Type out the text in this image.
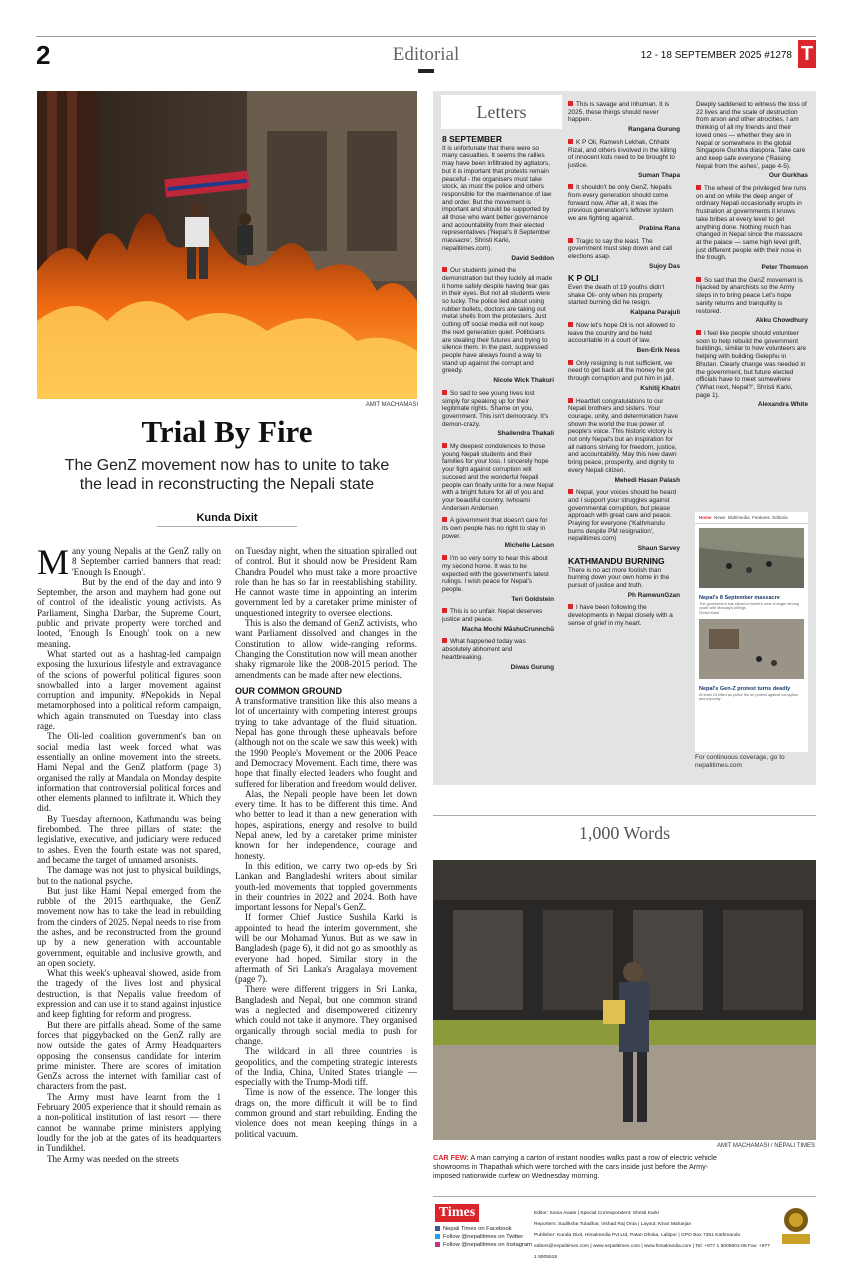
2	Editorial	12 - 18 SEPTEMBER 2025 #1278 T
AMIT MACHAMASI
Trial By Fire
The GenZ movement now has to unite to take the lead in reconstructing the Nepali state
Kunda Dixit

Many young Nepalis at the GenZ rally on 8 September carried banners that read: 'Enough Is Enough'.

But by the end of the day and into 9 September, the arson and mayhem had gone out of control of the idealistic young activists. As Parliament, Singha Darbar, the Supreme Court, public and private property were torched and looted, 'Enough Is Enough' took on a new meaning.

What started out as a hashtag-led campaign exposing the luxurious lifestyle and extravagance of the scions of powerful political figures soon snowballed into a larger movement against corruption and impunity. #Nepokids in Nepal metamorphosed into a political reform campaign, which again transmuted on Tuesday into class rage.

The Oli-led coalition government's ban on social media last week forced what was essentially an online movement into the streets. Hami Nepal and the GenZ platform (page 3) organised the rally at Mandala on Monday despite information that controversial political forces and other elements planned to infiltrate it. Which they did.

By Tuesday afternoon, Kathmandu was being firebombed. The three pillars of state: the legislative, executive, and judiciary were reduced to ashes. Even the fourth estate was not spared, and became the target of unnamed arsonists.

The damage was not just to physical buildings, but to the national psyche.

But just like Hami Nepal emerged from the rubble of the 2015 earthquake, the GenZ movement now has to take the lead in rebuilding from the cinders of 2025. Nepal needs to rise from the ashes, and be reconstructed from the ground up by a new generation with accountable government, equitable and inclusive growth, and an open society.

What this week's upheaval showed, aside from the tragedy of the lives lost and physical destruction, is that Nepalis value freedom of expression and can use it to stand against injustice and keep fighting for reform and progress.

But there are pitfalls ahead. Some of the same forces that piggybacked on the GenZ rally are now outside the gates of Army Headquarters opposing the consensus candidate for interim prime minister. There are scores of imitation GenZs across the internet with familiar cast of characters from the past.

The Army must have learnt from the 1 February 2005 experience that it should remain as a non-political institution of last resort — there cannot be wannabe prime ministers applying loudly for the job at the gates of its headquarters in Tundikhel.

The Army was needed on the streets

on Tuesday night, when the situation spiralled out of control. But it should now be President Ram Chandra Poudel who must take a more proactive role than he has so far in reestablishing stability. He cannot waste time in appointing an interim government led by a caretaker prime minister of unquestioned integrity to oversee elections.

This is also the demand of GenZ activists, who want Parliament dissolved and changes in the Constitution to allow wide-ranging reforms. Changing the Constitution now will mean another shaky rigmarole like the 2008-2015 period. The amendments can be made after new elections.

OUR COMMON GROUND

A transformative transition like this also means a lot of uncertainty with competing interest groups trying to take advantage of the fluid situation. Nepal has gone through these upheavals before (although not on the scale we saw this week) with the 1990 People's Movement or the 2006 Peace and Democracy Movement. Each time, there was hope that finally elected leaders who fought and suffered for liberation and freedom would deliver.

Alas, the Nepali people have been let down every time. It has to be different this time. And who better to lead it than a new generation with hopes, aspirations, energy and resolve to build Nepal anew, led by a caretaker prime minister known for her independence, courage and honesty.

In this edition, we carry two op-eds by Sri Lankan and Bangladeshi writers about similar youth-led movements that toppled governments in their countries in 2022 and 2024. Both have important lessons for Nepal's GenZ.

If former Chief Justice Sushila Karki is appointed to head the interim government, she will be our Mohamad Yunus. But as we saw in Bangladesh (page 6), it did not go as smoothly as everyone had hoped. Similar story in the aftermath of Sri Lanka's Aragalaya movement (page 7).

There were different triggers in Sri Lanka, Bangladesh and Nepal, but one common strand was a neglected and disempowered citizenry which could not take it anymore. They organised organically through social media to push for change.

The wildcard in all three countries is geopolitics, and the competing strategic interests of the India, China, United States triangle — especially with the Trump-Modi tiff.

Time is now of the essence. The longer this drags on, the more difficult it will be to find common ground and start rebuilding. Ending the violence does not mean keeping things in a political vacuum.

Letters
8 SEPTEMBER
It is unfortunate that there were so many casualties. It seems the rallies may have been infiltrated by agitators, but it is important that protests remain peaceful - the organisers must take stock, as must the police and others responsible for the maintenance of law and order. But the movement is important and should be supported by all those who want better governance and accountability from their elected representatives ('Nepal's 8 September massacre', Shristi Karki, nepalitimes.com).
David Seddon
Our students joined the demonstration but they luckily all made it home safely despite having tear gas in their eyes. But not all students were so lucky. The police lied about using rubber bullets, doctors are taking out metal shells from the protesters. Just cutting off social media will not keep the next generation quiet. Politicians are stealing their futures and trying to silence them. In the past, suppressed people have always found a way to stand up against the corrupt and greedy.
Nicole Wick Thakuri
So sad to see young lives lost simply for speaking up for their legitimate rights. Shame on you, government. This isn't democracy. It's demon-crazy.
Shailendra Thakali
My deepest condolences to those young Nepali students and their families for your loss. I sincerely hope your fight against corruption will succeed and the wonderful Nepali people can finally unite for a new Nepal with a bright future for all of you and your beautiful country. Iwhoami Andersen Andersen
A government that doesn't care for its own people has no right to stay in power.
Michelle Lacson
I'm so very sorry to hear this about my second home. It was to be expected with the government's latest rulings. I wish peace for Nepal's people.
Teri Goldstein
This is so unfair. Nepal deserves justice and peace.
Macha Mochi MāshuCrunnchū
What happened today was absolutely abhorrent and heartbreaking.
Diwas Gurung
This is savage and inhuman. It is 2025, these things should never happen.
Rangana Gurung
K P Oli, Ramesh Lekhak, Chhabi Rizal, and others involved in the killing of innocent kids need to be brought to justice.
Suman Thapa
It shouldn't be only GenZ, Nepalis from every generation should come forward now. After all, it was the previous generation's leftover system we are fighting against.
Prabina Rana
Tragic to say the least. The government must step down and call elections asap.
Sujoy Das
K P OLI
Even the death of 19 youths didn't shake Oli- only when his property started burning did he resign.
Kalpana Parajuli
Now let's hope Oli is not allowed to leave the country and be held accountable in a court of law.
Ben-Erik Ness
Only resigning is not sufficient, we need to get back all the money he got through corruption and put him in jail.
Kshitij Khatri
Heartfelt congratulations to our Nepali brothers and sisters. Your courage, unity, and determination have shown the world the true power of people's voice. This historic victory is not only Nepal's but an inspiration for all nations striving for freedom, justice, and accountability. May this new dawn bring peace, prosperity, and dignity to every Nepali citizen.
Mehedi Hasan Palash
Nepal, your voices should be heard and I support your struggles against governmental corruption, but please approach with great care and peace. Praying for everyone ('Kathmandu burns despite PM resignation', nepalitimes.com)
Shaun Sarvey
KATHMANDU BURNING
There is no act more foolish than burning down your own home in the pursuit of justice and truth.
Ph RamwunGzan
I have been following the developments in Nepal closely with a sense of grief in my heart.
Deeply saddened to witness the loss of 22 lives and the scale of destruction from arson and other atrocities. I am thinking of all my friends and their loved ones — whether they are in Nepal or somewhere in the global Singapore Gurkha diaspora. Take care and keep safe everyone ('Raising Nepal from the ashes', page 4-5).
Our Gurkhas
The wheel of the privileged few runs on and on while the deep anger of ordinary Nepali occasionally erupts in frustration at governments it knows take bribes at every level to get anything done. Nothing much has changed in Nepal since the massacre at the palace — same high level grift, just different people with their nose in the trough.
Peter Thomson
So sad that the GenZ movement is hijacked by anarchists so the Army steps in to bring peace Let's hope sanity returns and tranquility is restored.
Akku Chowdhury
I feel like people should volunteer soon to help rebuild the government buildings, similar to how volunteers are helping with building Gelephu in Bhutan. Clearly change was needed in the government, but future elected officials have to meet somewhere ('What next, Nepal?', Shristi Karki, page 1).
Alexandra White
Home News Multimedia Features Editoria
Nepal's 8 September massacre
The government has stirred a hornet's nest of anger among youth with Monday's killings
Shristi Karki
Nepal's Gen-Z protest turns deadly
At least 19 killed as police fire on protest against corruption and impunity
For continuous coverage, go to nepalitimes.com
1,000 Words
AMIT MACHAMASI / NEPALI TIMES
CAR FEW: A man carrying a carton of instant noodles walks past a row of electric vehicle showrooms in Thapathali which were torched with the cars inside just before the Army-imposed nationwide curfew on Wednesday morning.
Times
Nepali Times on Facebook
Follow @nepalitimes on Twitter
Follow @nepalitimes on Instagram
Editor: Sonia Awale | Special Correspondent: Shristi Karki
Reporters: Sudiksha Tuladhar, Vishad Raj Onta | Layout: Kiran Maharjan
Publisher: Kunda Dixit, Himalmedia Pvt Ltd, Patan Dhoka, Lalitpur | GPO Box 7251 Kathmandu
editors@nepalitimes.com | www.nepalitimes.com | www.himalmedia.com | Tel: +977 1 5005601-08 Fax: +977 1 5005518
